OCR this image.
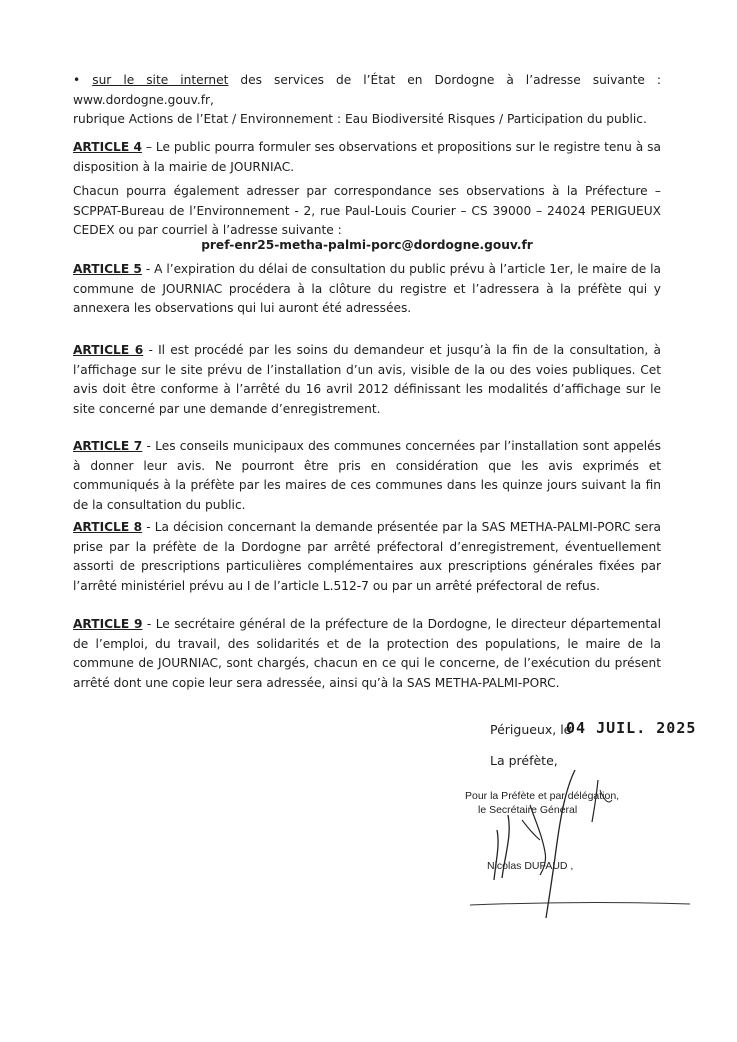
• sur le site internet des services de l’État en Dordogne à l’adresse suivante : www.dordogne.gouv.fr,
rubrique Actions de l’Etat / Environnement : Eau Biodiversité Risques / Participation du public.
ARTICLE 4 – Le public pourra formuler ses observations et propositions sur le registre tenu à sa disposition à la mairie de JOURNIAC.
Chacun pourra également adresser par correspondance ses observations à la Préfecture – SCPPAT-Bureau de l’Environnement - 2, rue Paul-Louis Courier – CS 39000 – 24024 PERIGUEUX CEDEX ou par courriel à l’adresse suivante :
pref-enr25-metha-palmi-porc@dordogne.gouv.fr
ARTICLE 5 - A l’expiration du délai de consultation du public prévu à l’article 1er, le maire de la commune de JOURNIAC procédera à la clôture du registre et l’adressera à la préfète qui y annexera les observations qui lui auront été adressées.
ARTICLE 6 - Il est procédé par les soins du demandeur et jusqu’à la fin de la consultation, à l’affichage sur le site prévu de l’installation d’un avis, visible de la ou des voies publiques. Cet avis doit être conforme à l’arrêté du 16 avril 2012 définissant les modalités d’affichage sur le site concerné par une demande d’enregistrement.
ARTICLE 7 - Les conseils municipaux des communes concernées par l’installation sont appelés à donner leur avis. Ne pourront être pris en considération que les avis exprimés et communiqués à la préfète par les maires de ces communes dans les quinze jours suivant la fin de la consultation du public.
ARTICLE 8 - La décision concernant la demande présentée par la SAS METHA-PALMI-PORC sera prise par la préfète de la Dordogne par arrêté préfectoral d’enregistrement, éventuellement assorti de prescriptions particulières complémentaires aux prescriptions générales fixées par l’arrêté ministériel prévu au I de l’article L.512-7 ou par un arrêté préfectoral de refus.
ARTICLE 9 - Le secrétaire général de la préfecture de la Dordogne, le directeur départemental de l’emploi, du travail, des solidarités et de la protection des populations, le maire de la commune de JOURNIAC, sont chargés, chacun en ce qui le concerne, de l’exécution du présent arrêté dont une copie leur sera adressée, ainsi qu’à la SAS METHA-PALMI-PORC.
Périgueux, le
04 JUIL. 2025
La préfète,
Pour la Préfète et par délégation,
le Secrétaire Général
Nicolas DUFAUD ,
